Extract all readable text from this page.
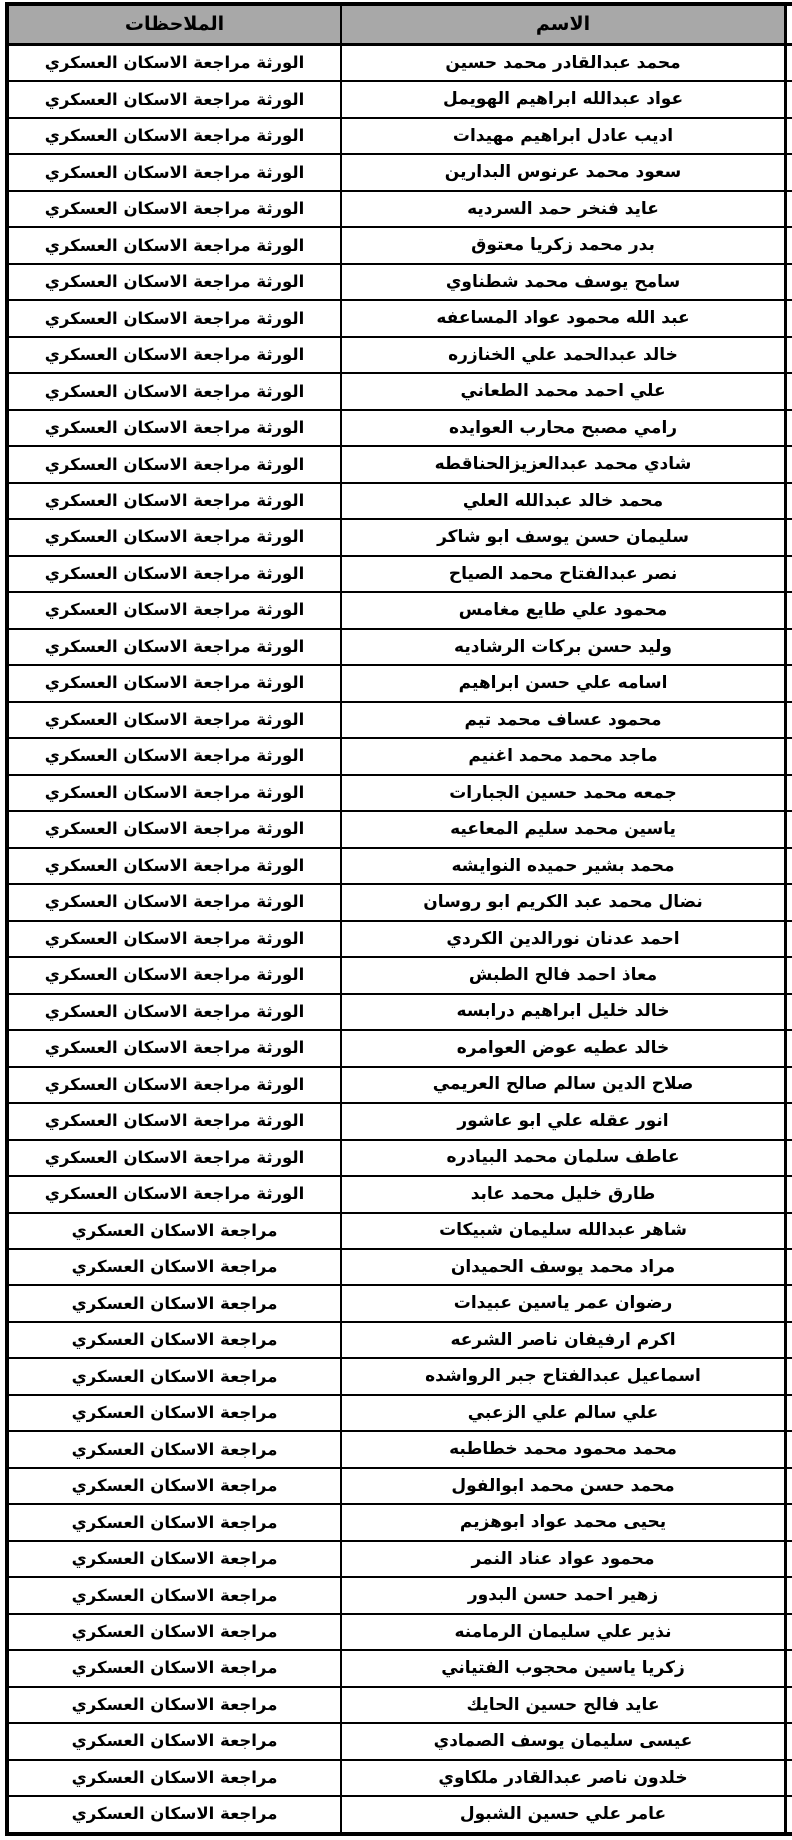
الاسم
الملاحظات
محمد عبدالقادر محمد حسين
الورثة مراجعة الاسكان العسكري
عواد عبدالله ابراهيم الهويمل
الورثة مراجعة الاسكان العسكري
اديب عادل ابراهيم مهيدات
الورثة مراجعة الاسكان العسكري
سعود محمد عرنوس البدارين
الورثة مراجعة الاسكان العسكري
عايد فنخر حمد السرديه
الورثة مراجعة الاسكان العسكري
بدر محمد زكريا معتوق
الورثة مراجعة الاسكان العسكري
سامح يوسف محمد شطناوي
الورثة مراجعة الاسكان العسكري
عبد الله محمود عواد المساعفه
الورثة مراجعة الاسكان العسكري
خالد عبدالحمد علي الخنازره
الورثة مراجعة الاسكان العسكري
علي احمد محمد الطعاني
الورثة مراجعة الاسكان العسكري
رامي مصبح محارب العوايده
الورثة مراجعة الاسكان العسكري
شادي محمد عبدالعزيزالحناقطه
الورثة مراجعة الاسكان العسكري
محمد خالد عبدالله العلي
الورثة مراجعة الاسكان العسكري
سليمان حسن يوسف ابو شاكر
الورثة مراجعة الاسكان العسكري
نصر عبدالفتاح محمد الصياح
الورثة مراجعة الاسكان العسكري
محمود علي طايع مغامس
الورثة مراجعة الاسكان العسكري
وليد حسن بركات الرشاديه
الورثة مراجعة الاسكان العسكري
اسامه علي حسن ابراهيم
الورثة مراجعة الاسكان العسكري
محمود عساف محمد تيم
الورثة مراجعة الاسكان العسكري
ماجد محمد محمد اغنيم
الورثة مراجعة الاسكان العسكري
جمعه محمد حسين الجبارات
الورثة مراجعة الاسكان العسكري
ياسين محمد سليم المعاعيه
الورثة مراجعة الاسكان العسكري
محمد بشير حميده النوايشه
الورثة مراجعة الاسكان العسكري
نضال محمد عبد الكريم ابو روسان
الورثة مراجعة الاسكان العسكري
احمد عدنان نورالدين الكردي
الورثة مراجعة الاسكان العسكري
معاذ احمد فالح الطبش
الورثة مراجعة الاسكان العسكري
خالد خليل ابراهيم درابسه
الورثة مراجعة الاسكان العسكري
خالد عطيه عوض العوامره
الورثة مراجعة الاسكان العسكري
صلاح الدين سالم صالح العريمي
الورثة مراجعة الاسكان العسكري
انور عقله علي ابو عاشور
الورثة مراجعة الاسكان العسكري
عاطف سلمان محمد البيادره
الورثة مراجعة الاسكان العسكري
طارق خليل محمد عابد
الورثة مراجعة الاسكان العسكري
شاهر عبدالله سليمان شبيكات
مراجعة الاسكان العسكري
مراد محمد يوسف الحميدان
مراجعة الاسكان العسكري
رضوان عمر ياسين عبيدات
مراجعة الاسكان العسكري
اكرم ارفيفان ناصر الشرعه
مراجعة الاسكان العسكري
اسماعيل عبدالفتاح جبر الرواشده
مراجعة الاسكان العسكري
علي سالم علي الزعبي
مراجعة الاسكان العسكري
محمد محمود محمد خطاطبه
مراجعة الاسكان العسكري
محمد حسن محمد ابوالفول
مراجعة الاسكان العسكري
يحيى محمد عواد ابوهزيم
مراجعة الاسكان العسكري
محمود عواد عناد النمر
مراجعة الاسكان العسكري
زهير احمد حسن البدور
مراجعة الاسكان العسكري
نذير علي سليمان الرمامنه
مراجعة الاسكان العسكري
زكريا ياسين محجوب الفتياني
مراجعة الاسكان العسكري
عايد فالح حسين الحايك
مراجعة الاسكان العسكري
عيسى سليمان يوسف الصمادي
مراجعة الاسكان العسكري
خلدون ناصر عبدالقادر ملكاوي
مراجعة الاسكان العسكري
عامر علي حسين الشبول
مراجعة الاسكان العسكري
